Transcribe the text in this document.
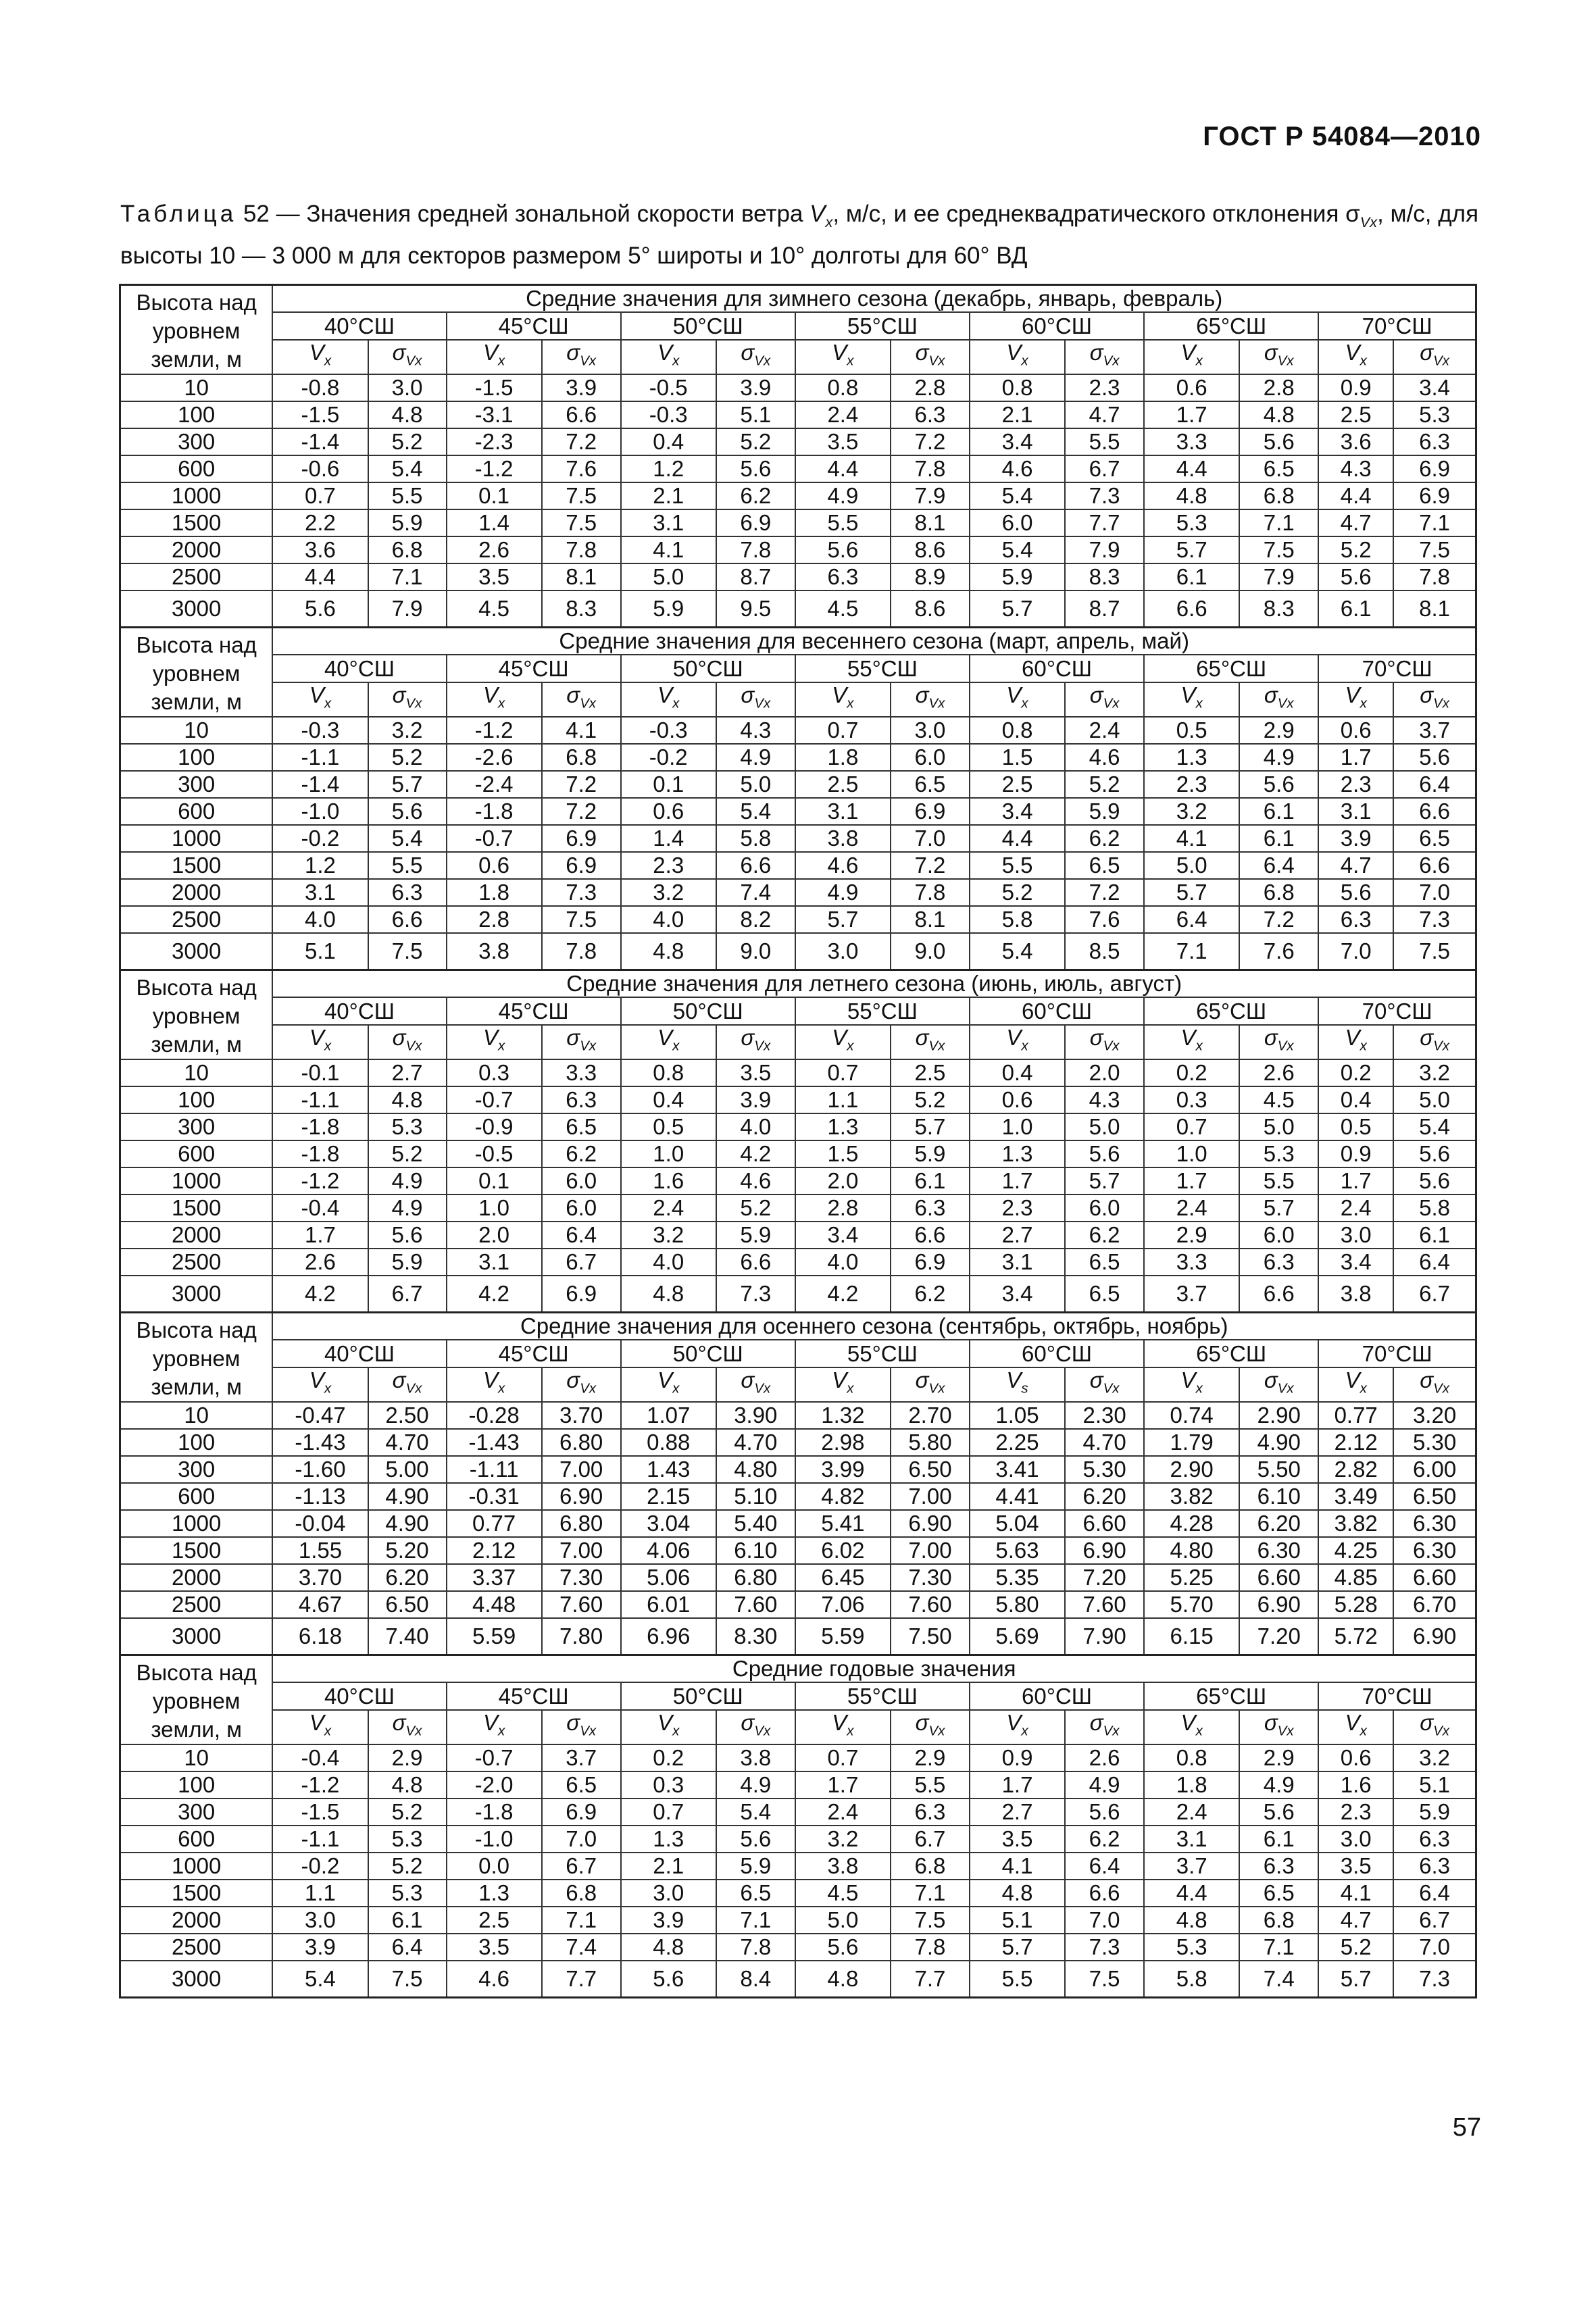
ГОСТ Р 54084—2010
Таблица 52 — Значения средней зональной скорости ветра $V_x$, м/с, и ее среднеквадратического отклонения $\sigma_{Vx}$, м/с, для высоты 10 — 3 000 м для секторов размером 5° широты и 10° долготы для 60° ВД
Высота над уровнем земли, м	Средние значения для зимнего сезона (декабрь, январь, февраль)													
	40°СШ		45°СШ		50°СШ		55°СШ		60°СШ		65°СШ		70°СШ	
	$V_x$	$\sigma_{Vx}$	$V_x$	$\sigma_{Vx}$	$V_x$	$\sigma_{Vx}$	$V_x$	$\sigma_{Vx}$	$V_x$	$\sigma_{Vx}$	$V_x$	$\sigma_{Vx}$	$V_x$	$\sigma_{Vx}$
10	-0.8	3.0	-1.5	3.9	-0.5	3.9	0.8	2.8	0.8	2.3	0.6	2.8	0.9	3.4
100	-1.5	4.8	-3.1	6.6	-0.3	5.1	2.4	6.3	2.1	4.7	1.7	4.8	2.5	5.3
300	-1.4	5.2	-2.3	7.2	0.4	5.2	3.5	7.2	3.4	5.5	3.3	5.6	3.6	6.3
600	-0.6	5.4	-1.2	7.6	1.2	5.6	4.4	7.8	4.6	6.7	4.4	6.5	4.3	6.9
1000	0.7	5.5	0.1	7.5	2.1	6.2	4.9	7.9	5.4	7.3	4.8	6.8	4.4	6.9
1500	2.2	5.9	1.4	7.5	3.1	6.9	5.5	8.1	6.0	7.7	5.3	7.1	4.7	7.1
2000	3.6	6.8	2.6	7.8	4.1	7.8	5.6	8.6	5.4	7.9	5.7	7.5	5.2	7.5
2500	4.4	7.1	3.5	8.1	5.0	8.7	6.3	8.9	5.9	8.3	6.1	7.9	5.6	7.8
3000	5.6	7.9	4.5	8.3	5.9	9.5	4.5	8.6	5.7	8.7	6.6	8.3	6.1	8.1
Высота над уровнем земли, м	Средние значения для весеннего сезона (март, апрель, май)													
	40°СШ		45°СШ		50°СШ		55°СШ		60°СШ		65°СШ		70°СШ	
	$V_x$	$\sigma_{Vx}$	$V_x$	$\sigma_{Vx}$	$V_x$	$\sigma_{Vx}$	$V_x$	$\sigma_{Vx}$	$V_x$	$\sigma_{Vx}$	$V_x$	$\sigma_{Vx}$	$V_x$	$\sigma_{Vx}$
10	-0.3	3.2	-1.2	4.1	-0.3	4.3	0.7	3.0	0.8	2.4	0.5	2.9	0.6	3.7
100	-1.1	5.2	-2.6	6.8	-0.2	4.9	1.8	6.0	1.5	4.6	1.3	4.9	1.7	5.6
300	-1.4	5.7	-2.4	7.2	0.1	5.0	2.5	6.5	2.5	5.2	2.3	5.6	2.3	6.4
600	-1.0	5.6	-1.8	7.2	0.6	5.4	3.1	6.9	3.4	5.9	3.2	6.1	3.1	6.6
1000	-0.2	5.4	-0.7	6.9	1.4	5.8	3.8	7.0	4.4	6.2	4.1	6.1	3.9	6.5
1500	1.2	5.5	0.6	6.9	2.3	6.6	4.6	7.2	5.5	6.5	5.0	6.4	4.7	6.6
2000	3.1	6.3	1.8	7.3	3.2	7.4	4.9	7.8	5.2	7.2	5.7	6.8	5.6	7.0
2500	4.0	6.6	2.8	7.5	4.0	8.2	5.7	8.1	5.8	7.6	6.4	7.2	6.3	7.3
3000	5.1	7.5	3.8	7.8	4.8	9.0	3.0	9.0	5.4	8.5	7.1	7.6	7.0	7.5
Высота над уровнем земли, м	Средние значения для летнего сезона (июнь, июль, август)													
	40°СШ		45°СШ		50°СШ		55°СШ		60°СШ		65°СШ		70°СШ	
	$V_x$	$\sigma_{Vx}$	$V_x$	$\sigma_{Vx}$	$V_x$	$\sigma_{Vx}$	$V_x$	$\sigma_{Vx}$	$V_x$	$\sigma_{Vx}$	$V_x$	$\sigma_{Vx}$	$V_x$	$\sigma_{Vx}$
10	-0.1	2.7	0.3	3.3	0.8	3.5	0.7	2.5	0.4	2.0	0.2	2.6	0.2	3.2
100	-1.1	4.8	-0.7	6.3	0.4	3.9	1.1	5.2	0.6	4.3	0.3	4.5	0.4	5.0
300	-1.8	5.3	-0.9	6.5	0.5	4.0	1.3	5.7	1.0	5.0	0.7	5.0	0.5	5.4
600	-1.8	5.2	-0.5	6.2	1.0	4.2	1.5	5.9	1.3	5.6	1.0	5.3	0.9	5.6
1000	-1.2	4.9	0.1	6.0	1.6	4.6	2.0	6.1	1.7	5.7	1.7	5.5	1.7	5.6
1500	-0.4	4.9	1.0	6.0	2.4	5.2	2.8	6.3	2.3	6.0	2.4	5.7	2.4	5.8
2000	1.7	5.6	2.0	6.4	3.2	5.9	3.4	6.6	2.7	6.2	2.9	6.0	3.0	6.1
2500	2.6	5.9	3.1	6.7	4.0	6.6	4.0	6.9	3.1	6.5	3.3	6.3	3.4	6.4
3000	4.2	6.7	4.2	6.9	4.8	7.3	4.2	6.2	3.4	6.5	3.7	6.6	3.8	6.7
Высота над уровнем земли, м	Средние значения для осеннего сезона (сентябрь, октябрь, ноябрь)													
	40°СШ		45°СШ		50°СШ		55°СШ		60°СШ		65°СШ		70°СШ	
	$V_x$	$\sigma_{Vx}$	$V_x$	$\sigma_{Vx}$	$V_x$	$\sigma_{Vx}$	$V_x$	$\sigma_{Vx}$	$V_s$	$\sigma_{Vx}$	$V_x$	$\sigma_{Vx}$	$V_x$	$\sigma_{Vx}$
10	-0.47	2.50	-0.28	3.70	1.07	3.90	1.32	2.70	1.05	2.30	0.74	2.90	0.77	3.20
100	-1.43	4.70	-1.43	6.80	0.88	4.70	2.98	5.80	2.25	4.70	1.79	4.90	2.12	5.30
300	-1.60	5.00	-1.11	7.00	1.43	4.80	3.99	6.50	3.41	5.30	2.90	5.50	2.82	6.00
600	-1.13	4.90	-0.31	6.90	2.15	5.10	4.82	7.00	4.41	6.20	3.82	6.10	3.49	6.50
1000	-0.04	4.90	0.77	6.80	3.04	5.40	5.41	6.90	5.04	6.60	4.28	6.20	3.82	6.30
1500	1.55	5.20	2.12	7.00	4.06	6.10	6.02	7.00	5.63	6.90	4.80	6.30	4.25	6.30
2000	3.70	6.20	3.37	7.30	5.06	6.80	6.45	7.30	5.35	7.20	5.25	6.60	4.85	6.60
2500	4.67	6.50	4.48	7.60	6.01	7.60	7.06	7.60	5.80	7.60	5.70	6.90	5.28	6.70
3000	6.18	7.40	5.59	7.80	6.96	8.30	5.59	7.50	5.69	7.90	6.15	7.20	5.72	6.90
Высота над уровнем земли, м	Средние годовые значения													
	40°СШ		45°СШ		50°СШ		55°СШ		60°СШ		65°СШ		70°СШ	
	$V_x$	$\sigma_{Vx}$	$V_x$	$\sigma_{Vx}$	$V_x$	$\sigma_{Vx}$	$V_x$	$\sigma_{Vx}$	$V_x$	$\sigma_{Vx}$	$V_x$	$\sigma_{Vx}$	$V_x$	$\sigma_{Vx}$
10	-0.4	2.9	-0.7	3.7	0.2	3.8	0.7	2.9	0.9	2.6	0.8	2.9	0.6	3.2
100	-1.2	4.8	-2.0	6.5	0.3	4.9	1.7	5.5	1.7	4.9	1.8	4.9	1.6	5.1
300	-1.5	5.2	-1.8	6.9	0.7	5.4	2.4	6.3	2.7	5.6	2.4	5.6	2.3	5.9
600	-1.1	5.3	-1.0	7.0	1.3	5.6	3.2	6.7	3.5	6.2	3.1	6.1	3.0	6.3
1000	-0.2	5.2	0.0	6.7	2.1	5.9	3.8	6.8	4.1	6.4	3.7	6.3	3.5	6.3
1500	1.1	5.3	1.3	6.8	3.0	6.5	4.5	7.1	4.8	6.6	4.4	6.5	4.1	6.4
2000	3.0	6.1	2.5	7.1	3.9	7.1	5.0	7.5	5.1	7.0	4.8	6.8	4.7	6.7
2500	3.9	6.4	3.5	7.4	4.8	7.8	5.6	7.8	5.7	7.3	5.3	7.1	5.2	7.0
3000	5.4	7.5	4.6	7.7	5.6	8.4	4.8	7.7	5.5	7.5	5.8	7.4	5.7	7.3
57
